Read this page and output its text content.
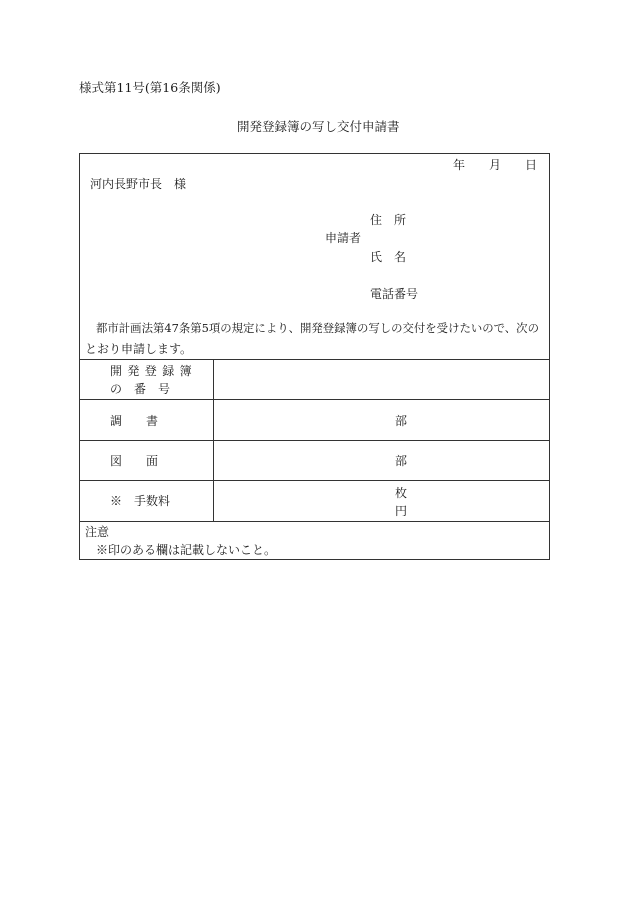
様式第11号(第16条関係)
開発登録簿の写し交付申請書
年 月 日
河内長野市長　様
住　所
申請者
氏　名
電話番号
都市計画法第47条第5項の規定により、開発登録簿の写しの交付を受けたいので、次の
とおり申請します。
開発登録簿
の　番　号
調　　書	部
図　　面	部
※　手数料
枚
円
注意
※印のある欄は記載しないこと。
